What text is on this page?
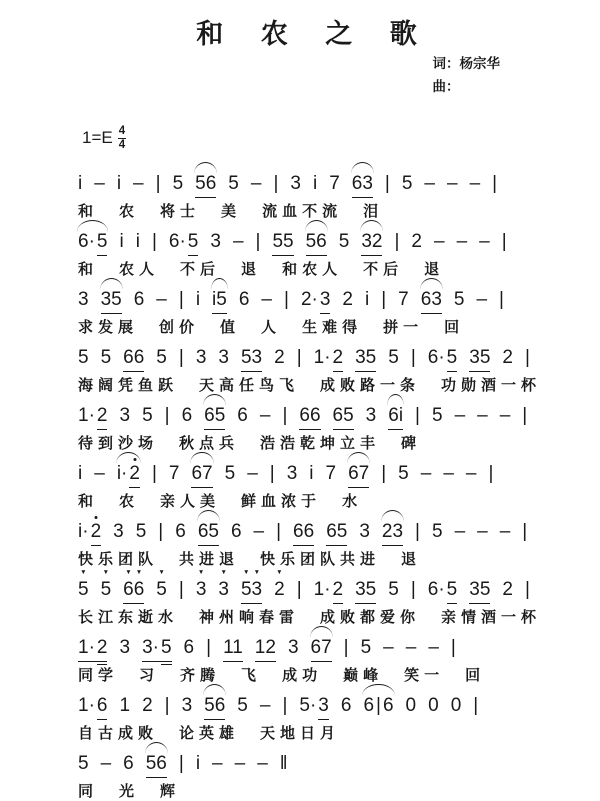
和 农 之 歌
词：杨宗华
曲：
$1=E \frac{4}{4}$
i – i – | 5 56 5 – | 3 i 7 63 | 5 – – – |
和 农 将士 美 流血不流 泪
6· 5 i i | 6· 5 3 – | 55 56 5 32 | 2 – – – |
和 农人 不后 退 和农人 不后 退
3 35 6 – | i i5 6 – | 2· 3 2 i | 7 63 5 – |
求发展 创价 值 人 生难得 拼一 回
5 5 66 5 | 3 3 53 2 | 1· 2 35 5 | 6· 5 35 2 |
海阔凭鱼跃 天高任鸟飞 成败路一条 功勋酒一杯
1· 2 3 5 | 6 65 6 – | 66 65 3 6i | 5 – – – |
待到沙场 秋点兵 浩浩乾坤立丰 碑
i – i· 2 | 7 67 5 – | 3 i 7 67 | 5 – – – |
和 农 亲人美 鲜血浓于 水
i· 2 3 5 | 6 65 6 – | 66 65 3 23 | 5 – – – |
快乐团队 共进退 快乐团队共进 退
5
▼
5
▼
66
▼ ▼
5
▼
| 3
▼
3
▼
53
▼ ▼
2
▼
| 1· 2 35 5 | 6· 5 35 2 |
长江东逝水 神州响春雷 成败都爱你 亲情酒一杯
1· 2 3 3· 5 6 | 11 12 3 67 | 5 – – – |
同学 习 齐腾 飞 成功 巅峰 笑一 回
1· 6 1 2 | 3 56 5 – | 5· 3 6 6 | 6 0 0 0 |
自古成败 论英雄 天地日月
5 – 6 56 | i – – – ‖
同 光 辉
